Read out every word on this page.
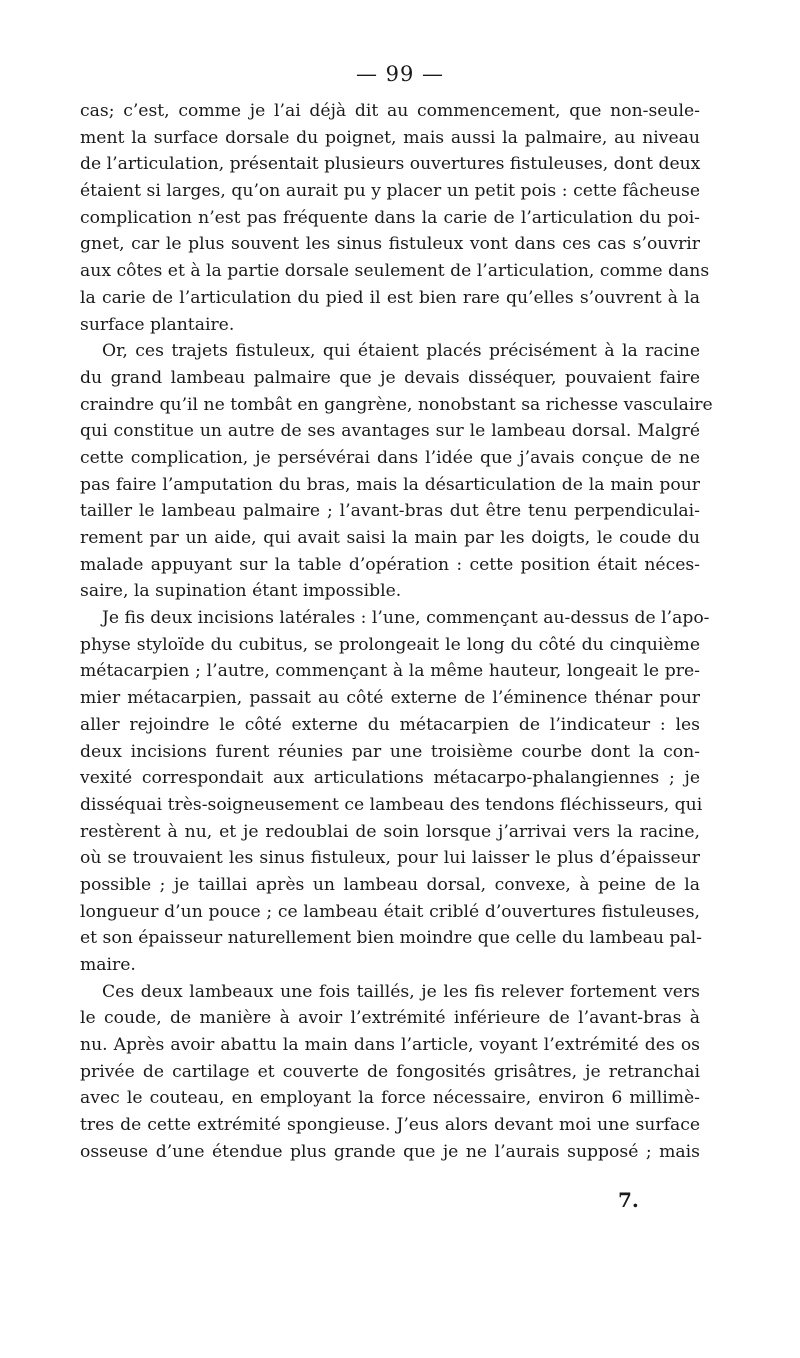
— 99 —
cas; c’est, comme je l’ai déjà dit au commencement, que non-seule-
ment la surface dorsale du poignet, mais aussi la palmaire, au niveau
de l’articulation, présentait plusieurs ouvertures fistuleuses, dont deux
étaient si larges, qu’on aurait pu y placer un petit pois : cette fâcheuse
complication n’est pas fréquente dans la carie de l’articulation du poi-
gnet, car le plus souvent les sinus fistuleux vont dans ces cas s’ouvrir
aux côtes et à la partie dorsale seulement de l’articulation, comme dans
la carie de l’articulation du pied il est bien rare qu’elles s’ouvrent à la
surface plantaire.
Or, ces trajets fistuleux, qui étaient placés précisément à la racine
du grand lambeau palmaire que je devais disséquer, pouvaient faire
craindre qu’il ne tombât en gangrène, nonobstant sa richesse vasculaire
qui constitue un autre de ses avantages sur le lambeau dorsal. Malgré
cette complication, je persévérai dans l’idée que j’avais conçue de ne
pas faire l’amputation du bras, mais la désarticulation de la main pour
tailler le lambeau palmaire ; l’avant-bras dut être tenu perpendiculai-
rement par un aide, qui avait saisi la main par les doigts, le coude du
malade appuyant sur la table d’opération : cette position était néces-
saire, la supination étant impossible.
Je fis deux incisions latérales : l’une, commençant au-dessus de l’apo-
physe styloïde du cubitus, se prolongeait le long du côté du cinquième
métacarpien ; l’autre, commençant à la même hauteur, longeait le pre-
mier métacarpien, passait au côté externe de l’éminence thénar pour
aller rejoindre le côté externe du métacarpien de l’indicateur : les
deux incisions furent réunies par une troisième courbe dont la con-
vexité correspondait aux articulations métacarpo-phalangiennes ; je
disséquai très-soigneusement ce lambeau des tendons fléchisseurs, qui
restèrent à nu, et je redoublai de soin lorsque j’arrivai vers la racine,
où se trouvaient les sinus fistuleux, pour lui laisser le plus d’épaisseur
possible ; je taillai après un lambeau dorsal, convexe, à peine de la
longueur d’un pouce ; ce lambeau était criblé d’ouvertures fistuleuses,
et son épaisseur naturellement bien moindre que celle du lambeau pal-
maire.
Ces deux lambeaux une fois taillés, je les fis relever fortement vers
le coude, de manière à avoir l’extrémité inférieure de l’avant-bras à
nu. Après avoir abattu la main dans l’article, voyant l’extrémité des os
privée de cartilage et couverte de fongosités grisâtres, je retranchai
avec le couteau, en employant la force nécessaire, environ 6 millimè-
tres de cette extrémité spongieuse. J’eus alors devant moi une surface
osseuse d’une étendue plus grande que je ne l’aurais supposé ; mais
7.
